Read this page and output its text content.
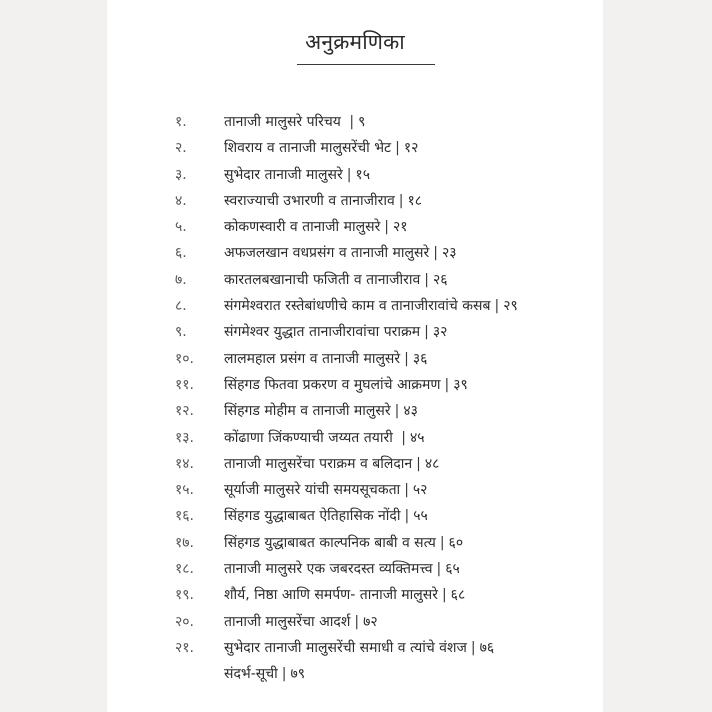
अनुक्रमणिका
१.	तानाजी मालुसरे परिचय | ९
२.	शिवराय व तानाजी मालुसरेंची भेट | १२
३.	सुभेदार तानाजी मालुसरे | १५
४.	स्वराज्याची उभारणी व तानाजीराव | १८
५.	कोकणस्वारी व तानाजी मालुसरे | २१
६.	अफजलखान वधप्रसंग व तानाजी मालुसरे | २३
७.	कारतलबखानाची फजिती व तानाजीराव | २६
८.	संगमेश्वरात रस्तेबांधणीचे काम व तानाजीरावांचे कसब | २९
९.	संगमेश्वर युद्धात तानाजीरावांचा पराक्रम | ३२
१०. लालमहाल प्रसंग व तानाजी मालुसरे | ३६
११. सिंहगड फितवा प्रकरण व मुघलांचे आक्रमण | ३९
१२. सिंहगड मोहीम व तानाजी मालुसरे | ४३
१३. कोंढाणा जिंकण्याची जय्यत तयारी | ४५
१४. तानाजी मालुसरेंचा पराक्रम व बलिदान | ४८
१५. सूर्याजी मालुसरे यांची समयसूचकता | ५२
१६. सिंहगड युद्धाबाबत ऐतिहासिक नोंदी | ५५
१७. सिंहगड युद्धाबाबत काल्पनिक बाबी व सत्य | ६०
१८. तानाजी मालुसरे एक जबरदस्त व्यक्तिमत्त्व | ६५
१९. शौर्य, निष्ठा आणि समर्पण- तानाजी मालुसरे | ६८
२०. तानाजी मालुसरेंचा आदर्श | ७२
२१. सुभेदार तानाजी मालुसरेंची समाधी व त्यांचे वंशज | ७६
संदर्भ-सूची | ७९
